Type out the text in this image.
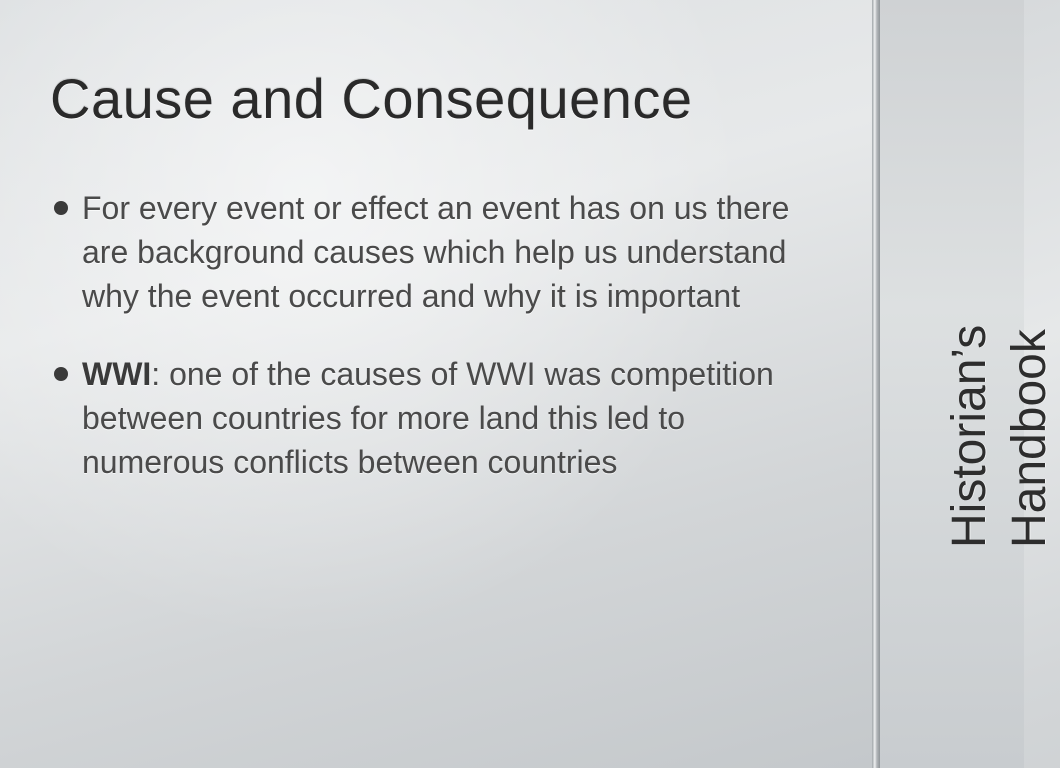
Cause and Consequence
For every event or effect an event has on us there are background causes which help us understand why the event occurred and why it is important
WWI: one of the causes of WWI was competition between countries for more land this led to numerous conflicts between countries	Historian’s Handbook
